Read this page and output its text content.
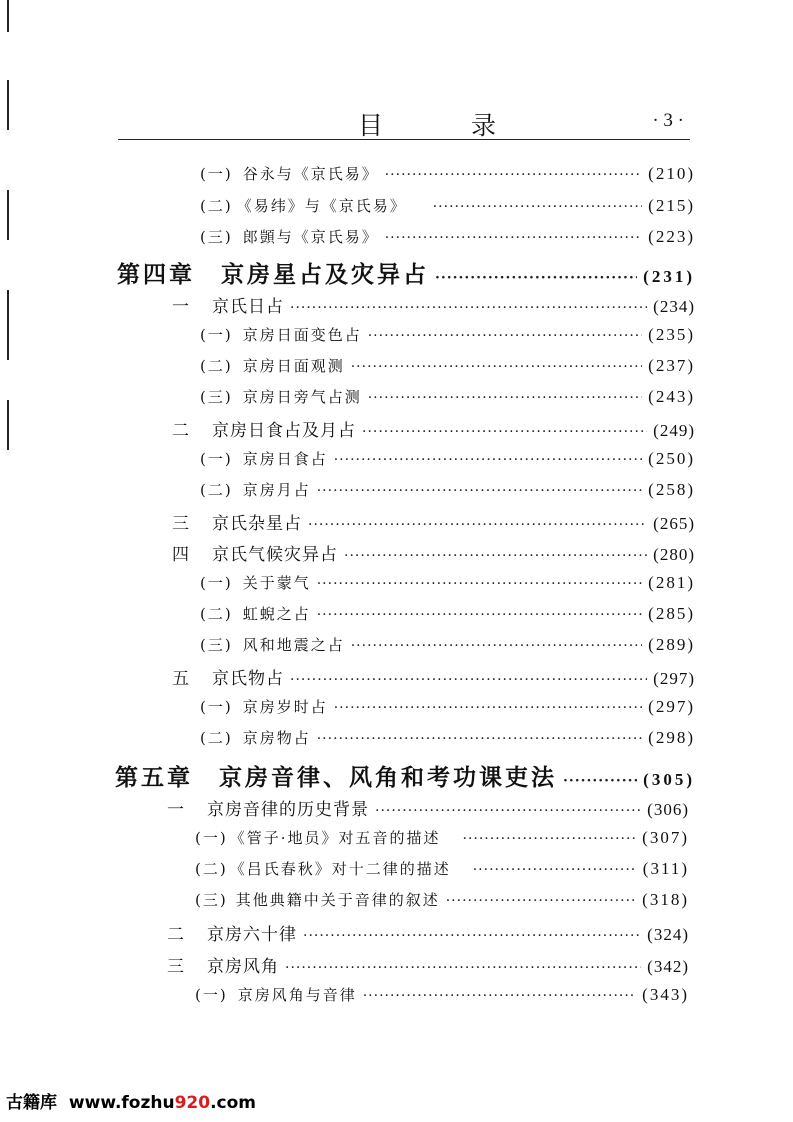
目 录	· 3 ·
(一) 谷永与《京氏易》 ·····	(210)
(二) 《易纬》与《京氏易》 ·····	(215)
(三) 郎顗与《京氏易》 ·····	(223)
第四章 京房星占及灾异占 ·····	(231)
一 京氏日占 ·····	(234)
(一) 京房日面变色占 ·····	(235)
(二) 京房日面观测 ·····	(237)
(三) 京房日旁气占测 ·····	(243)
二 京房日食占及月占 ·····	(249)
(一) 京房日食占 ·····	(250)
(二) 京房月占 ·····	(258)
三 京氏杂星占 ·····	(265)
四 京氏气候灾异占 ·····	(280)
(一) 关于蒙气 ·····	(281)
(二) 虹蜺之占 ·····	(285)
(三) 风和地震之占 ·····	(289)
五 京氏物占 ·····	(297)
(一) 京房岁时占 ·····	(297)
(二) 京房物占 ·····	(298)
第五章 京房音律、风角和考功课吏法 ·····	(305)
一 京房音律的历史背景 ·····	(306)
(一) 《管子·地员》对五音的描述 ·····	(307)
(二) 《吕氏春秋》对十二律的描述 ·····	(311)
(三) 其他典籍中关于音律的叙述 ·····	(318)
二 京房六十律 ·····	(324)
三 京房风角 ·····	(342)
(一) 京房风角与音律 ·····	(343)
古籍库 www.fozhu920.com
